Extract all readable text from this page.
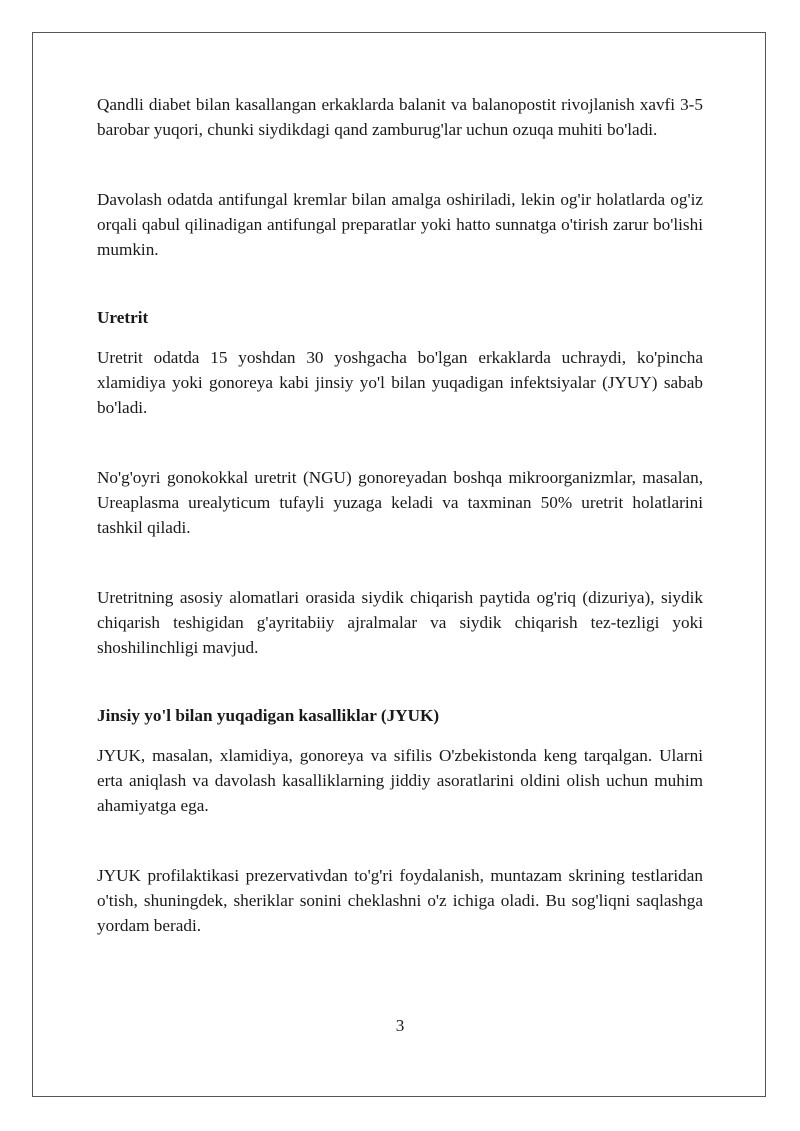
Qandli diabet bilan kasallangan erkaklarda balanit va balanopostit rivojlanish xavfi 3-5 barobar yuqori, chunki siydikdagi qand zamburug'lar uchun ozuqa muhiti bo'ladi.

Davolash odatda antifungal kremlar bilan amalga oshiriladi, lekin og'ir holatlarda og'iz orqali qabul qilinadigan antifungal preparatlar yoki hatto sunnatga o'tirish zarur bo'lishi mumkin.

Uretrit

Uretrit odatda 15 yoshdan 30 yoshgacha bo'lgan erkaklarda uchraydi, ko'pincha xlamidiya yoki gonoreya kabi jinsiy yo'l bilan yuqadigan infektsiyalar (JYUY) sabab bo'ladi.

No'g'oyri gonokokkal uretrit (NGU) gonoreyadan boshqa mikroorganizmlar, masalan, Ureaplasma urealyticum tufayli yuzaga keladi va taxminan 50% uretrit holatlarini tashkil qiladi.

Uretritning asosiy alomatlari orasida siydik chiqarish paytida og'riq (dizuriya), siydik chiqarish teshigidan g'ayritabiiy ajralmalar va siydik chiqarish tez-tezligi yoki shoshilinchligi mavjud.

Jinsiy yo'l bilan yuqadigan kasalliklar (JYUK)

JYUK, masalan, xlamidiya, gonoreya va sifilis O'zbekistonda keng tarqalgan. Ularni erta aniqlash va davolash kasalliklarning jiddiy asoratlarini oldini olish uchun muhim ahamiyatga ega.

JYUK profilaktikasi prezervativdan to'g'ri foydalanish, muntazam skrining testlaridan o'tish, shuningdek, sheriklar sonini cheklashni o'z ichiga oladi. Bu sog'liqni saqlashga yordam beradi.

3
